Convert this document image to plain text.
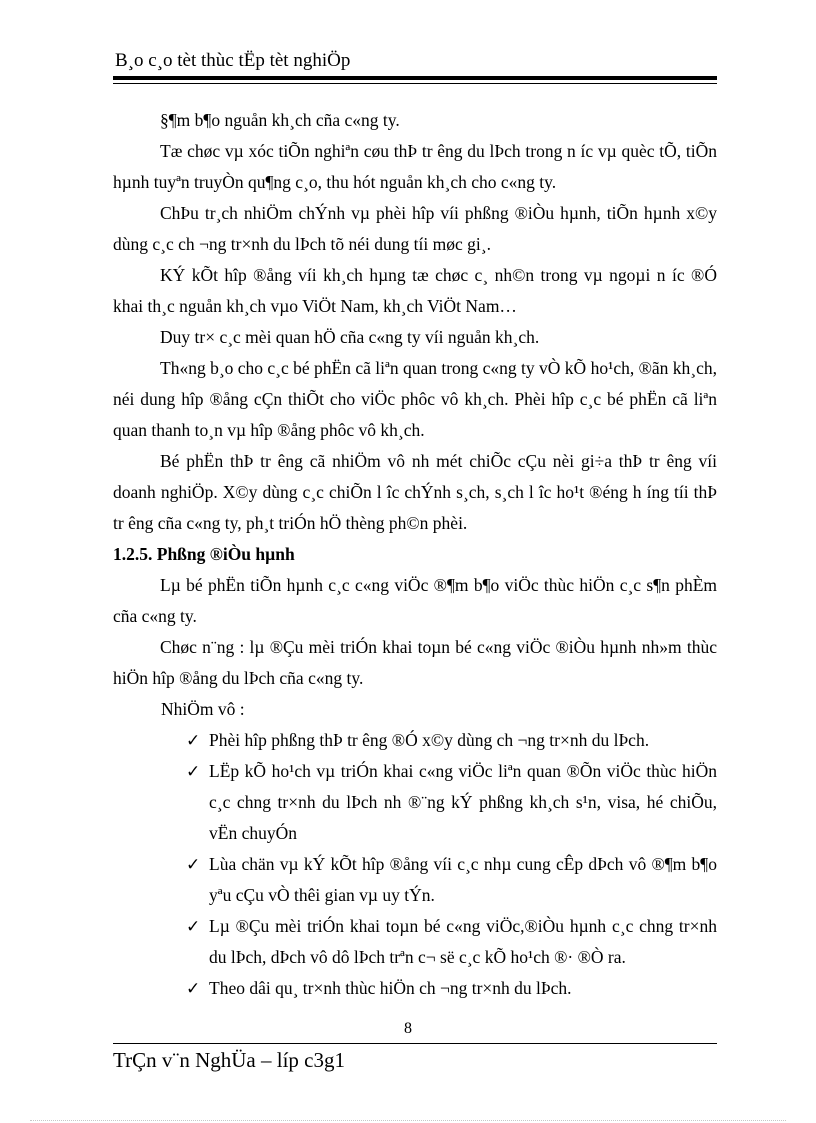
B¸o c¸o tèt thùc tËp tèt nghiÖp

§¶m b¶o nguån kh¸ch cña c«ng ty.

Tæ chøc vµ xóc tiÕn nghiªn cøu thÞ tr êng du lÞch trong n íc vµ quèc tÕ, tiÕn hµnh tuyªn truyÒn qu¶ng c¸o, thu hót nguån kh¸ch cho c«ng ty.

ChÞu tr¸ch nhiÖm chÝnh vµ phèi hîp víi phßng ®iÒu hµnh, tiÕn hµnh x©y dùng c¸c ch ¬ng tr×nh du lÞch tõ néi dung tíi møc gi¸.

KÝ kÕt hîp ®ång víi kh¸ch hµng tæ chøc c¸ nh©n trong vµ ngoµi n íc ®Ó khai th¸c nguån kh¸ch vµo ViÖt Nam, kh¸ch ViÖt Nam…

Duy tr× c¸c mèi quan hÖ cña c«ng ty víi nguån kh¸ch.

Th«ng b¸o cho c¸c bé phËn cã liªn quan trong c«ng ty vÒ kÕ ho¹ch, ®ãn kh¸ch, néi dung hîp ®ång cÇn thiÕt cho viÖc phôc vô kh¸ch. Phèi hîp c¸c bé phËn cã liªn quan thanh to¸n vµ hîp ®ång phôc vô kh¸ch.

Bé phËn thÞ tr êng cã nhiÖm vô nh mét chiÕc cÇu nèi gi÷a thÞ tr êng víi doanh nghiÖp. X©y dùng c¸c chiÕn l îc chÝnh s¸ch, s¸ch l îc ho¹t ®éng h íng tíi thÞ tr êng cña c«ng ty, ph¸t triÓn hÖ thèng ph©n phèi.

1.2.5. Phßng ®iÒu hµnh

Lµ bé phËn tiÕn hµnh c¸c c«ng viÖc ®¶m b¶o viÖc thùc hiÖn c¸c s¶n phÈm cña c«ng ty.

Chøc n¨ng : lµ ®Çu mèi triÓn khai toµn bé c«ng viÖc ®iÒu hµnh nh»m thùc hiÖn hîp ®ång du lÞch cña c«ng ty.

NhiÖm vô :

✓ Phèi hîp phßng thÞ tr êng ®Ó x©y dùng ch ¬ng tr×nh du lÞch.
✓ LËp kÕ ho¹ch vµ triÓn khai c«ng viÖc liªn quan ®Õn viÖc thùc hiÖn c¸c chng tr×nh du lÞch nh ®¨ng kÝ phßng kh¸ch s¹n, visa, hé chiÕu, vËn chuyÓn
✓ Lùa chän vµ kÝ kÕt hîp ®ång víi c¸c nhµ cung cÊp dÞch vô ®¶m b¶o yªu cÇu vÒ thêi gian vµ uy tÝn.
✓ Lµ ®Çu mèi triÓn khai toµn bé c«ng viÖc,®iÒu hµnh c¸c chng tr×nh du lÞch, dÞch vô dô lÞch trªn c¬ së c¸c kÕ ho¹ch ®· ®Ò ra.
✓ Theo dâi qu¸ tr×nh thùc hiÖn ch ¬ng tr×nh du lÞch.
8
TrÇn v¨n NghÜa – líp c3g1
